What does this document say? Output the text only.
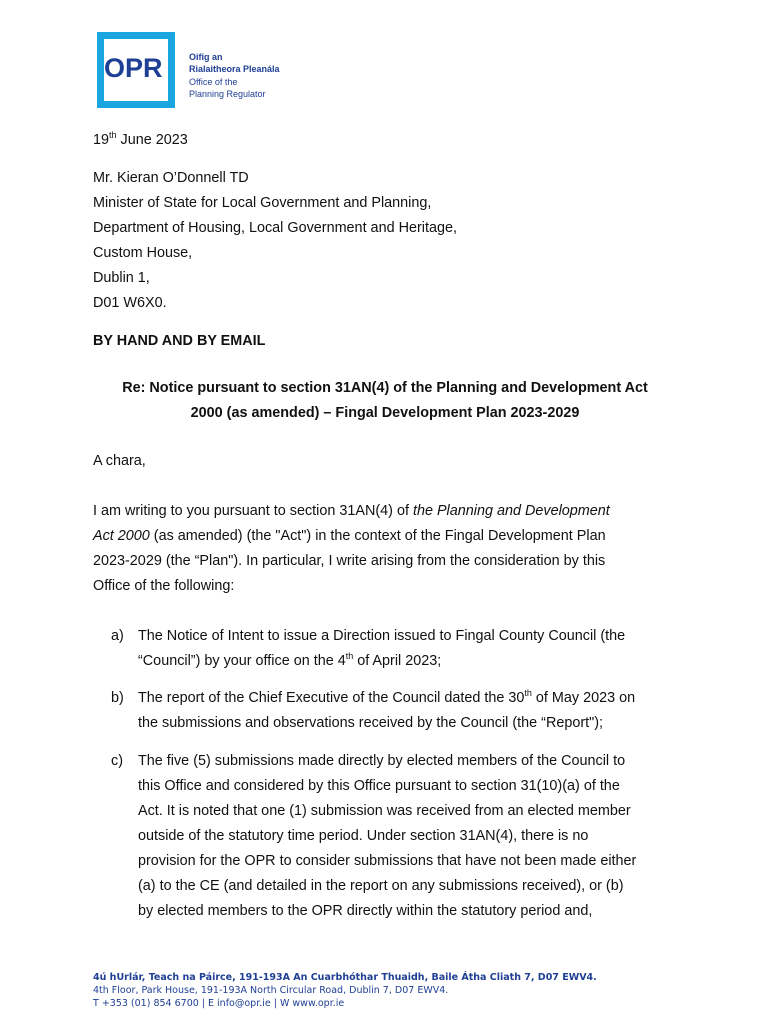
OPR	Oifig an
Rialaitheora Pleanála
Office of the
Planning Regulator
19th June 2023
Mr. Kieran O’Donnell TD
Minister of State for Local Government and Planning,
Department of Housing, Local Government and Heritage,
Custom House,
Dublin 1,
D01 W6X0.
BY HAND AND BY EMAIL
Re: Notice pursuant to section 31AN(4) of the Planning and Development Act
2000 (as amended) – Fingal Development Plan 2023-2029
A chara,
I am writing to you pursuant to section 31AN(4) of the Planning and Development
Act 2000 (as amended) (the "Act") in the context of the Fingal Development Plan
2023-2029 (the “Plan"). In particular, I write arising from the consideration by this
Office of the following:
a) The Notice of Intent to issue a Direction issued to Fingal County Council (the
“Council”) by your office on the 4th of April 2023;
b) The report of the Chief Executive of the Council dated the 30th of May 2023 on
the submissions and observations received by the Council (the “Report");
c) The five (5) submissions made directly by elected members of the Council to
this Office and considered by this Office pursuant to section 31(10)(a) of the
Act. It is noted that one (1) submission was received from an elected member
outside of the statutory time period. Under section 31AN(4), there is no
provision for the OPR to consider submissions that have not been made either
(a) to the CE (and detailed in the report on any submissions received), or (b)
by elected members to the OPR directly within the statutory period and,
4ú hUrlár, Teach na Páirce, 191-193A An Cuarbhóthar Thuaidh, Baile Átha Cliath 7, D07 EWV4.
4th Floor, Park House, 191-193A North Circular Road, Dublin 7, D07 EWV4.
T +353 (01) 854 6700 | E info@opr.ie | W www.opr.ie
